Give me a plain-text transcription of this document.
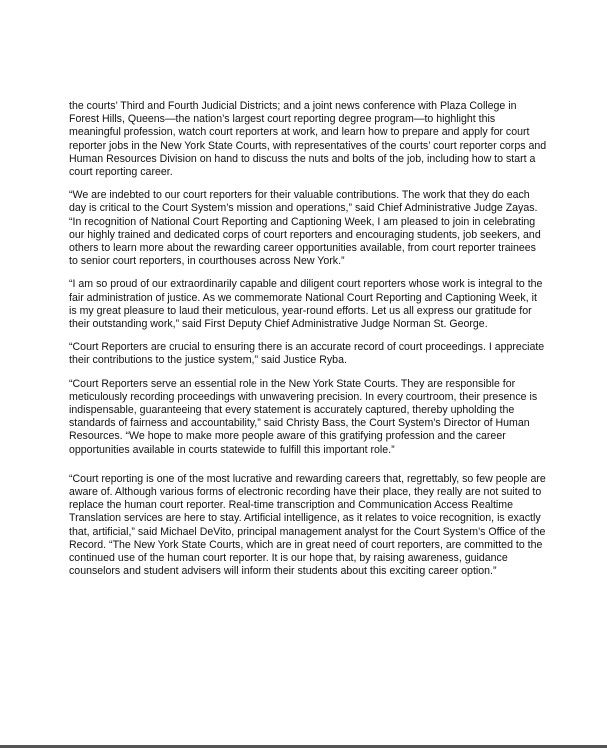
the courts’ Third and Fourth Judicial Districts; and a joint news conference with Plaza College in Forest Hills, Queens—the nation’s largest court reporting degree program—to highlight this meaningful profession, watch court reporters at work, and learn how to prepare and apply for court reporter jobs in the New York State Courts, with representatives of the courts’ court reporter corps and Human Resources Division on hand to discuss the nuts and bolts of the job, including how to start a court reporting career.

“We are indebted to our court reporters for their valuable contributions. The work that they do each day is critical to the Court System’s mission and operations,” said Chief Administrative Judge Zayas. “In recognition of National Court Reporting and Captioning Week, I am pleased to join in celebrating our highly trained and dedicated corps of court reporters and encouraging students, job seekers, and others to learn more about the rewarding career opportunities available, from court reporter trainees to senior court reporters, in courthouses across New York.”

“I am so proud of our extraordinarily capable and diligent court reporters whose work is integral to the fair administration of justice. As we commemorate National Court Reporting and Captioning Week, it is my great pleasure to laud their meticulous, year-round efforts. Let us all express our gratitude for their outstanding work,” said First Deputy Chief Administrative Judge Norman St. George.

“Court Reporters are crucial to ensuring there is an accurate record of court proceedings. I appreciate their contributions to the justice system,” said Justice Ryba.

“Court Reporters serve an essential role in the New York State Courts. They are responsible for meticulously recording proceedings with unwavering precision. In every courtroom, their presence is indispensable, guaranteeing that every statement is accurately captured, thereby upholding the standards of fairness and accountability,” said Christy Bass, the Court System’s Director of Human Resources. “We hope to make more people aware of this gratifying profession and the career opportunities available in courts statewide to fulfill this important role.”

“Court reporting is one of the most lucrative and rewarding careers that, regrettably, so few people are aware of. Although various forms of electronic recording have their place, they really are not suited to replace the human court reporter. Real-time transcription and Communication Access Realtime Translation services are here to stay. Artificial intelligence, as it relates to voice recognition, is exactly that, artificial,” said Michael DeVito, principal management analyst for the Court System’s Office of the Record. “The New York State Courts, which are in great need of court reporters, are committed to the continued use of the human court reporter. It is our hope that, by raising awareness, guidance counselors and student advisers will inform their students about this exciting career option.”
